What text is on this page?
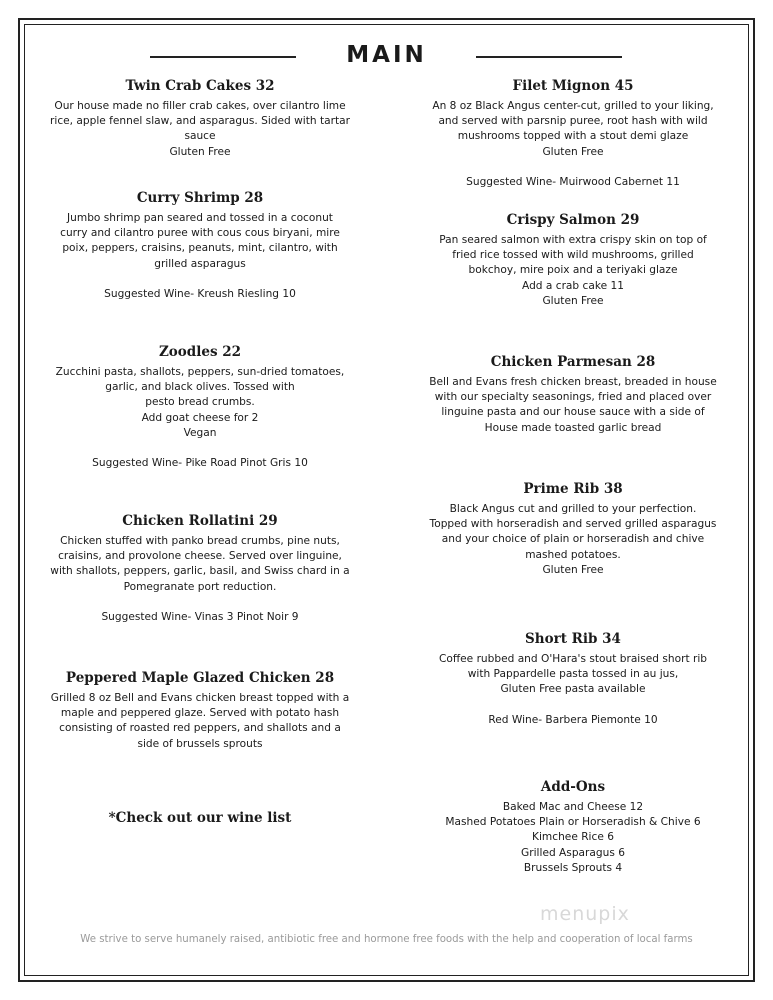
MAIN
Twin Crab Cakes 32
Our house made no filler crab cakes, over cilantro lime
rice, apple fennel slaw, and asparagus. Sided with tartar
sauce
Gluten Free
Curry Shrimp 28
Jumbo shrimp pan seared and tossed in a coconut
curry and cilantro puree with cous cous biryani, mire
poix, peppers, craisins, peanuts, mint, cilantro, with
grilled asparagus
Suggested Wine- Kreush Riesling 10
Zoodles 22
Zucchini pasta, shallots, peppers, sun-dried tomatoes,
garlic, and black olives. Tossed with
pesto bread crumbs.
Add goat cheese for 2
Vegan
Suggested Wine- Pike Road Pinot Gris 10
Chicken Rollatini 29
Chicken stuffed with panko bread crumbs, pine nuts,
craisins, and provolone cheese. Served over linguine,
with shallots, peppers, garlic, basil, and Swiss chard in a
Pomegranate port reduction.
Suggested Wine- Vinas 3 Pinot Noir 9
Peppered Maple Glazed Chicken 28
Grilled 8 oz Bell and Evans chicken breast topped with a
maple and peppered glaze. Served with potato hash
consisting of roasted red peppers, and shallots and a
side of brussels sprouts
*Check out our wine list
Filet Mignon 45
An 8 oz Black Angus center-cut, grilled to your liking,
and served with parsnip puree, root hash with wild
mushrooms topped with a stout demi glaze
Gluten Free
Suggested Wine- Muirwood Cabernet 11
Crispy Salmon 29
Pan seared salmon with extra crispy skin on top of
fried rice tossed with wild mushrooms, grilled
bokchoy, mire poix and a teriyaki glaze
Add a crab cake 11
Gluten Free
Chicken Parmesan 28
Bell and Evans fresh chicken breast, breaded in house
with our specialty seasonings, fried and placed over
linguine pasta and our house sauce with a side of
House made toasted garlic bread
Prime Rib 38
Black Angus cut and grilled to your perfection.
Topped with horseradish and served grilled asparagus
and your choice of plain or horseradish and chive
mashed potatoes.
Gluten Free
Short Rib 34
Coffee rubbed and O'Hara's stout braised short rib
with Pappardelle pasta tossed in au jus,
Gluten Free pasta available
Red Wine- Barbera Piemonte 10
Add-Ons
Baked Mac and Cheese 12
Mashed Potatoes Plain or Horseradish & Chive 6
Kimchee Rice 6
Grilled Asparagus 6
Brussels Sprouts 4
menupix
We strive to serve humanely raised, antibiotic free and hormone free foods with the help and cooperation of local farms
